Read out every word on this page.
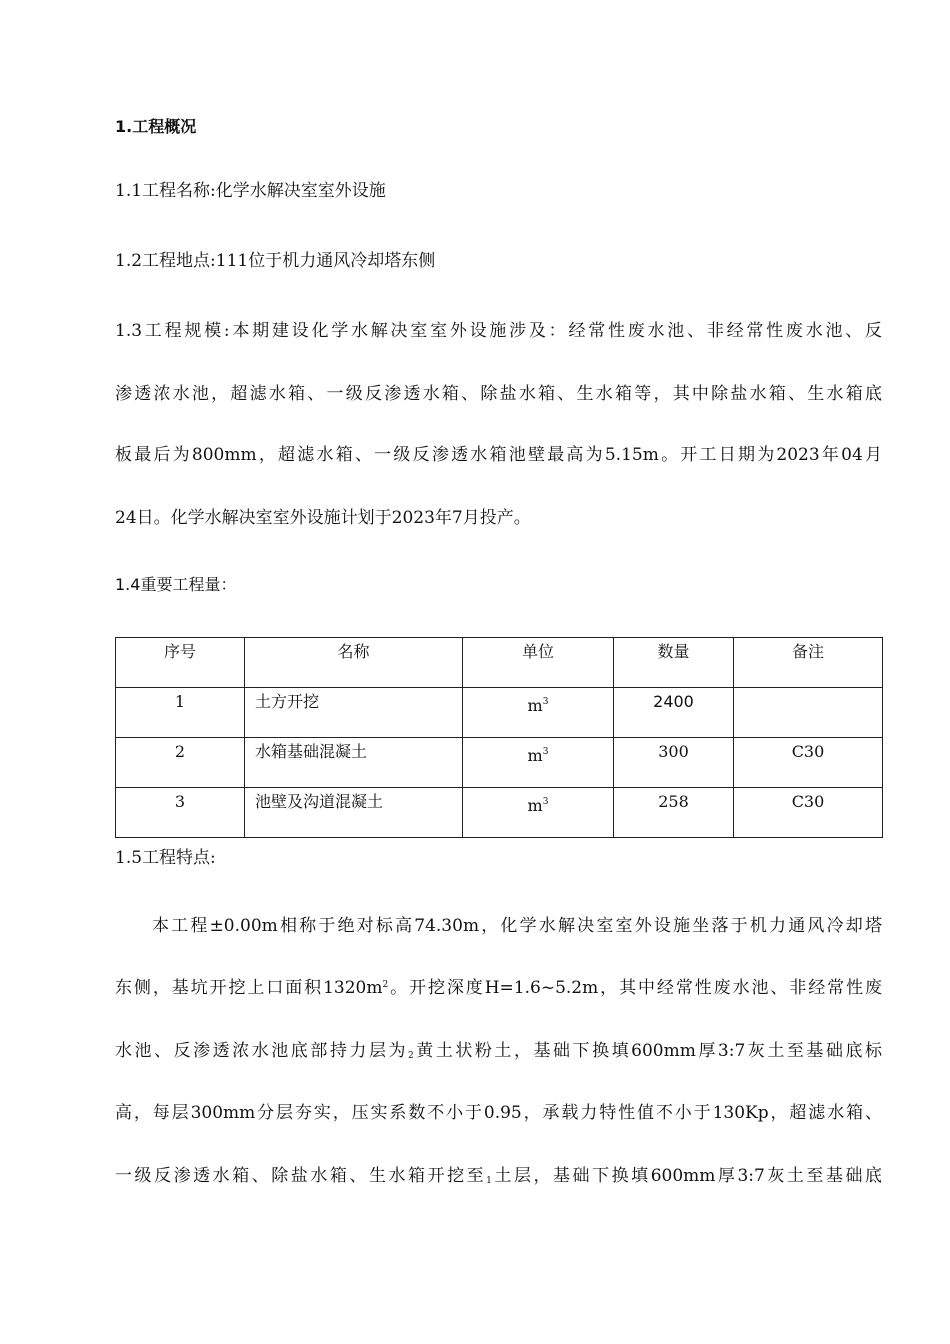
1.工程概况
1.1工程名称:化学水解决室室外设施
1.2工程地点:111位于机力通风冷却塔东侧
1.3工程规模:本期建设化学水解决室室外设施涉及：经常性废水池、非经常性废水池、反
渗透浓水池，超滤水箱、一级反渗透水箱、除盐水箱、生水箱等，其中除盐水箱、生水箱底
板最后为800mm，超滤水箱、一级反渗透水箱池壁最高为5.15m。开工日期为2023年04月
24日。化学水解决室室外设施计划于2023年7月投产。
1.4重要工程量：
序号	名称	单位	数量	备注
1	土方开挖	$m^3$	2400	
2	水箱基础混凝土	$m^3$	300	C30
3	池壁及沟道混凝土	$m^3$	258	C30
1.5工程特点:
本工程±0.00m相称于绝对标高74.30m，化学水解决室室外设施坐落于机力通风冷却塔
东侧，基坑开挖上口面积$1320m^2$。开挖深度H=1.6~5.2m，其中经常性废水池、非经常性废
水池、反渗透浓水池底部持力层为$_2$黄土状粉土，基础下换填600mm厚3:7灰土至基础底标
高，每层300mm分层夯实，压实系数不小于0.95，承载力特性值不小于130Kp，超滤水箱、
一级反渗透水箱、除盐水箱、生水箱开挖至$_1$土层，基础下换填600mm厚3:7灰土至基础底
